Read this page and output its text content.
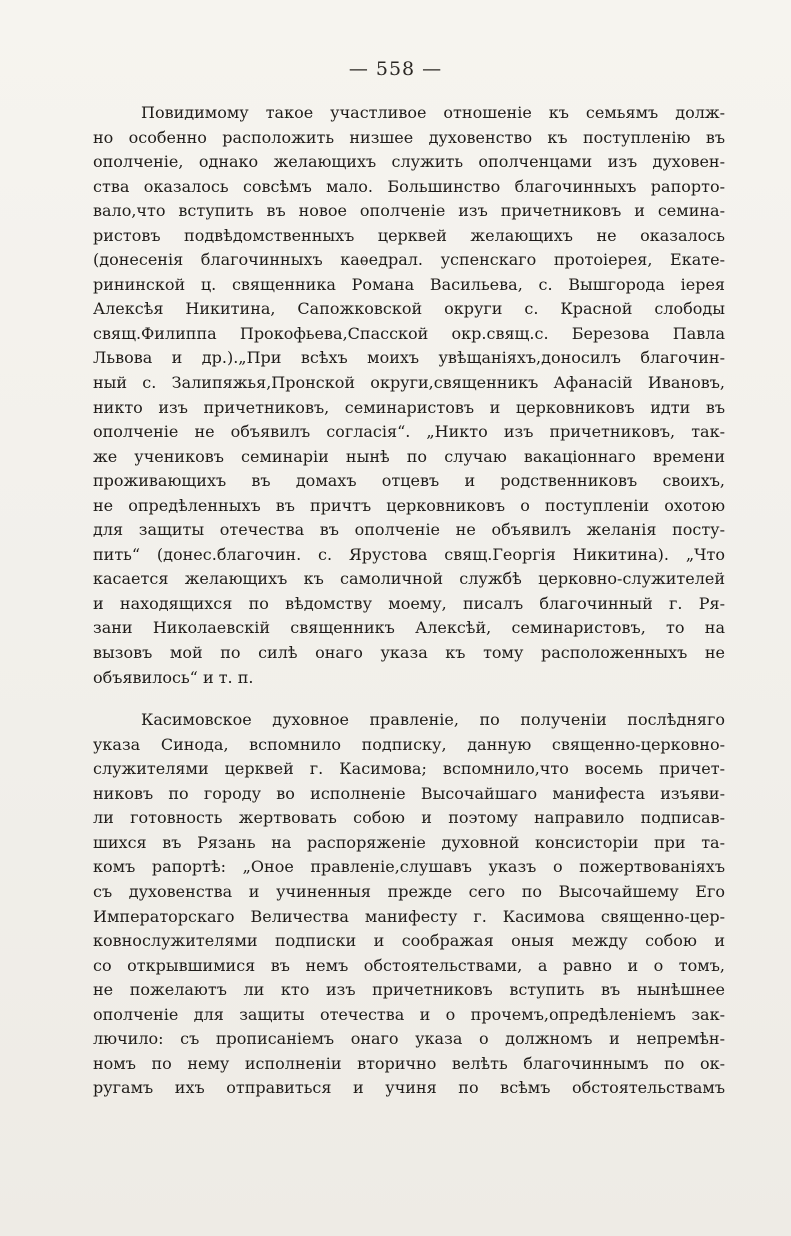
— 558 —
Повидимому такое участливое отношеніе къ семьямъ долж-
но особенно расположить низшее духовенство къ поступленію въ
ополченіе, однако желающихъ служить ополченцами изъ духовен-
ства оказалось совсѣмъ мало. Большинство благочинныхъ рапорто-
вало,что вступить въ новое ополченіе изъ причетниковъ и семина-
ристовъ подвѣдомственныхъ церквей желающихъ не оказалось
(донесенія благочинныхъ каѳедрал. успенскаго протоіерея, Екате-
рининской ц. священника Романа Васильева, с. Вышгорода іерея
Алексѣя Никитина, Сапожковской округи с. Красной слободы
свящ.Филиппа Прокофьева,Спасской окр.свящ.с. Березова Павла
Львова и др.).„При всѣхъ моихъ увѣщаніяхъ,доносилъ благочин-
ный с. Залипяжья,Пронской округи,священникъ Афанасій Ивановъ,
никто изъ причетниковъ, семинаристовъ и церковниковъ идти въ
ополченіе не объявилъ согласія“. „Никто изъ причетниковъ, так-
же учениковъ семинаріи нынѣ по случаю вакаціоннаго времени
проживающихъ въ домахъ отцевъ и родственниковъ своихъ,
не опредѣленныхъ въ причтъ церковниковъ о поступленіи охотою
для защиты отечества въ ополченіе не объявилъ желанія посту-
пить“ (донес.благочин. с. Ярустова свящ.Георгія Никитина). „Что
касается желающихъ къ самоличной службѣ церковно-служителей
и находящихся по вѣдомству моему, писалъ благочинный г. Ря-
зани Николаевскій священникъ Алексѣй, семинаристовъ, то на
вызовъ мой по силѣ онаго указа къ тому расположенныхъ не
объявилось“ и т. п.
Касимовское духовное правленіе, по полученіи послѣдняго
указа Синода, вспомнило подписку, данную священно-церковно-
служителями церквей г. Касимова; вспомнило,что восемь причет-
никовъ по городу во исполненіе Высочайшаго манифеста изъяви-
ли готовность жертвовать собою и поэтому направило подписав-
шихся въ Рязань на распоряженіе духовной консисторіи при та-
комъ рапортѣ: „Оное правленіе,слушавъ указъ о пожертвованіяхъ
съ духовенства и учиненныя прежде сего по Высочайшему Его
Императорскаго Величества манифесту г. Касимова священно-цер-
ковнослужителями подписки и соображая оныя между собою и
со открывшимися въ немъ обстоятельствами, а равно и о томъ,
не пожелаютъ ли кто изъ причетниковъ вступить въ нынѣшнее
ополченіе для защиты отечества и о прочемъ,опредѣленіемъ зак-
лючило: съ прописаніемъ онаго указа о должномъ и непремѣн-
номъ по нему исполненіи вторично велѣть благочиннымъ по ок-
ругамъ ихъ отправиться и учиня по всѣмъ обстоятельствамъ
